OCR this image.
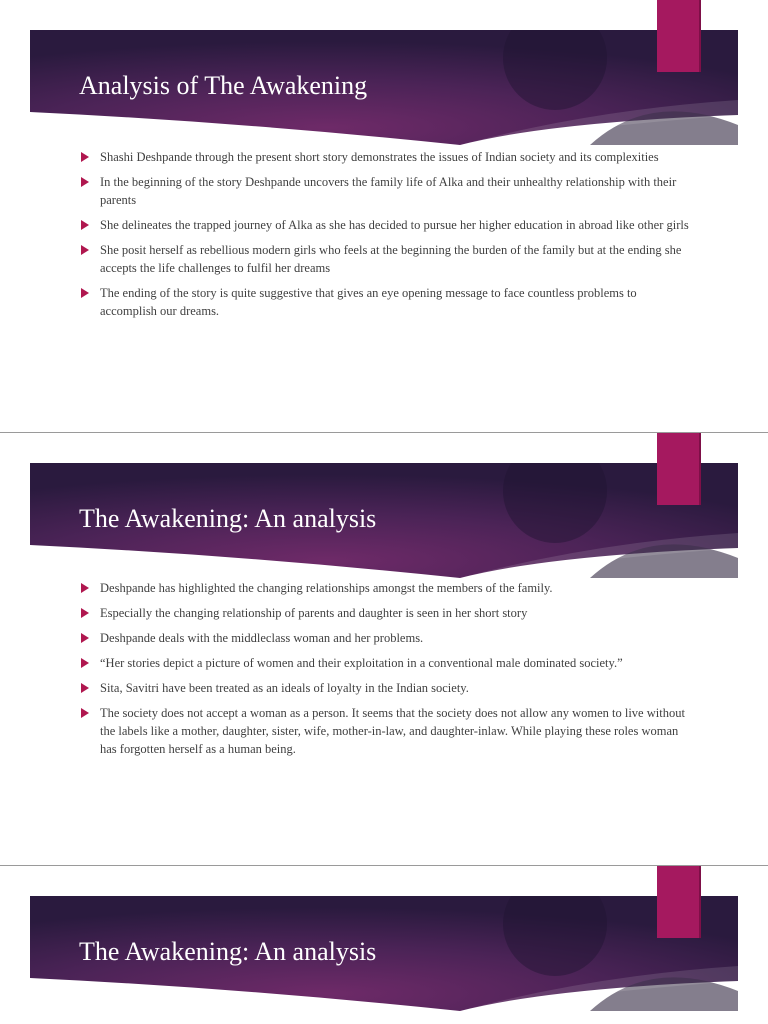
Analysis of The Awakening
Shashi Deshpande through the present short story demonstrates the issues of Indian society and its complexities
In the beginning of the story Deshpande uncovers the family life of Alka and their unhealthy relationship with their parents
She delineates the trapped journey of Alka as she has decided to pursue her higher education in abroad like other girls
She posit herself as rebellious modern girls who feels at the beginning the burden of the family but at the ending she accepts the life challenges to fulfil her dreams
The ending of the story is quite suggestive that gives an eye opening message to face countless problems to accomplish our dreams.
The Awakening: An analysis
Deshpande has highlighted the changing relationships amongst the members of the family.
Especially the changing relationship of parents and daughter is seen in her short story
Deshpande deals with the middleclass woman and her problems.
“Her stories depict a picture of women and their exploitation in a conventional male dominated society.”
Sita, Savitri have been treated as an ideals of loyalty in the Indian society.
The society does not accept a woman as a person. It seems that the society does not allow any women to live without the labels like a mother, daughter, sister, wife, mother-in-law, and daughter-inlaw. While playing these roles woman has forgotten herself as a human being.
The Awakening: An analysis
